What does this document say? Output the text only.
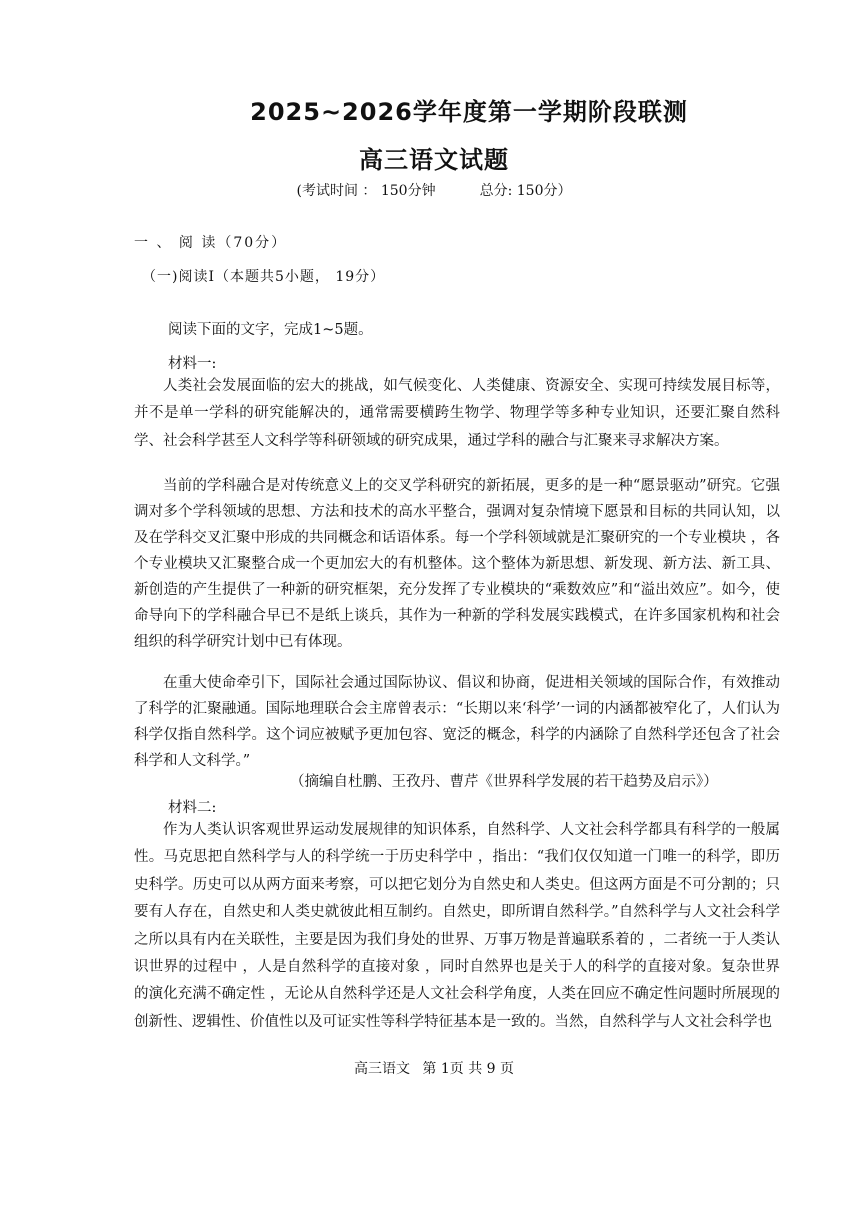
2025~2026学年度第一学期阶段联测
高三语文试题
(考试时间 ： 150分钟	总分: 150分）
一 、 阅 读（70分）
（一)阅读Ⅰ（本题共5小题， 19分）
阅读下面的文字，完成1~5题。
材料一:

人类社会发展面临的宏大的挑战，如气候变化、人类健康、资源安全、实现可持续发展目标等，并不是单一学科的研究能解决的，通常需要横跨生物学、物理学等多种专业知识，还要汇聚自然科学、社会科学甚至人文科学等科研领域的研究成果，通过学科的融合与汇聚来寻求解决方案。

当前的学科融合是对传统意义上的交叉学科研究的新拓展，更多的是一种“愿景驱动”研究。它强调对多个学科领域的思想、方法和技术的高水平整合，强调对复杂情境下愿景和目标的共同认知，以及在学科交叉汇聚中形成的共同概念和话语体系。每一个学科领域就是汇聚研究的一个专业模块 ，各个专业模块又汇聚整合成一个更加宏大的有机整体。这个整体为新思想、新发现、新方法、新工具、新创造的产生提供了一种新的研究框架，充分发挥了专业模块的“乘数效应”和“溢出效应”。如今，使命导向下的学科融合早已不是纸上谈兵，其作为一种新的学科发展实践模式，在许多国家机构和社会组织的科学研究计划中已有体现。

在重大使命牵引下，国际社会通过国际协议、倡议和协商，促进相关领域的国际合作，有效推动了科学的汇聚融通。国际地理联合会主席曾表示：“长期以来‘科学’一词的内涵都被窄化了，人们认为科学仅指自然科学。这个词应被赋予更加包容、宽泛的概念，科学的内涵除了自然科学还包含了社会科学和人文科学。”

（摘编自杜鹏、王孜丹、曹芹《世界科学发展的若干趋势及启示》）
材料二:

作为人类认识客观世界运动发展规律的知识体系，自然科学、人文社会科学都具有科学的一般属性。马克思把自然科学与人的科学统一于历史科学中 ，指出：“我们仅仅知道一门唯一的科学，即历史科学。历史可以从两方面来考察，可以把它划分为自然史和人类史。但这两方面是不可分割的；只要有人存在，自然史和人类史就彼此相互制约。自然史，即所谓自然科学。”自然科学与人文社会科学之所以具有内在关联性，主要是因为我们身处的世界、万事万物是普遍联系着的 ，二者统一于人类认识世界的过程中 ，人是自然科学的直接对象 ，同时自然界也是关于人的科学的直接对象。复杂世界的演化充满不确定性 ，无论从自然科学还是人文社会科学角度，人类在回应不确定性问题时所展现的创新性、逻辑性、价值性以及可证实性等科学特征基本是一致的。当然，自然科学与人文社会科学也

高三语文 第 1页 共 9 页
